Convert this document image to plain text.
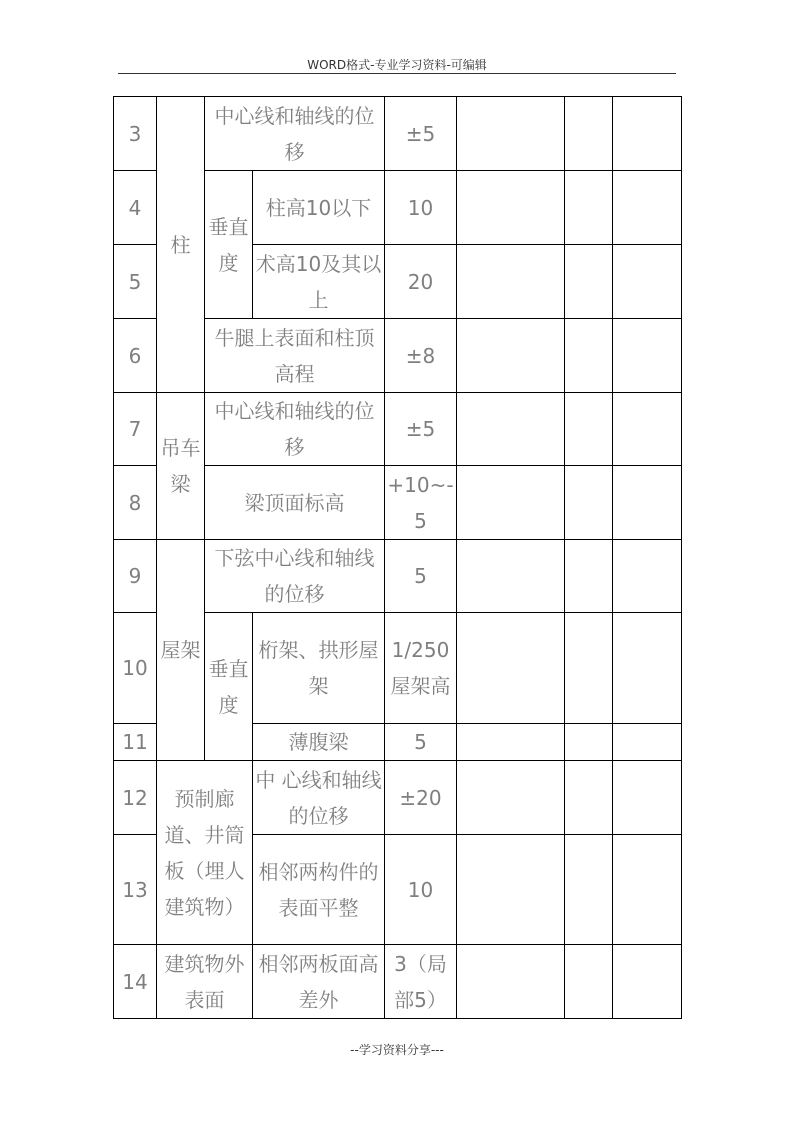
WORD格式-专业学习资料-可编辑
3	柱	中心线和轴线的位移		±5			
4		垂直度	柱高10以下	10			
5			术高10及其以上	20			
6		牛腿上表面和柱顶高程		±8			
7	吊车梁	中心线和轴线的位移		±5			
8		梁顶面标高		+10~-5			
9	屋架	下弦中心线和轴线的位移		5			
10		垂直度	桁架、拱形屋架	1/250屋架高			
11			薄腹梁	5			
12	预制廊道、井筒板（埋人建筑物）		中 心线和轴线的位移	±20			
13			相邻两构件的表面平整	10			
14	建筑物外表面		相邻两板面高差外	3（局部5）			
--学习资料分享---
